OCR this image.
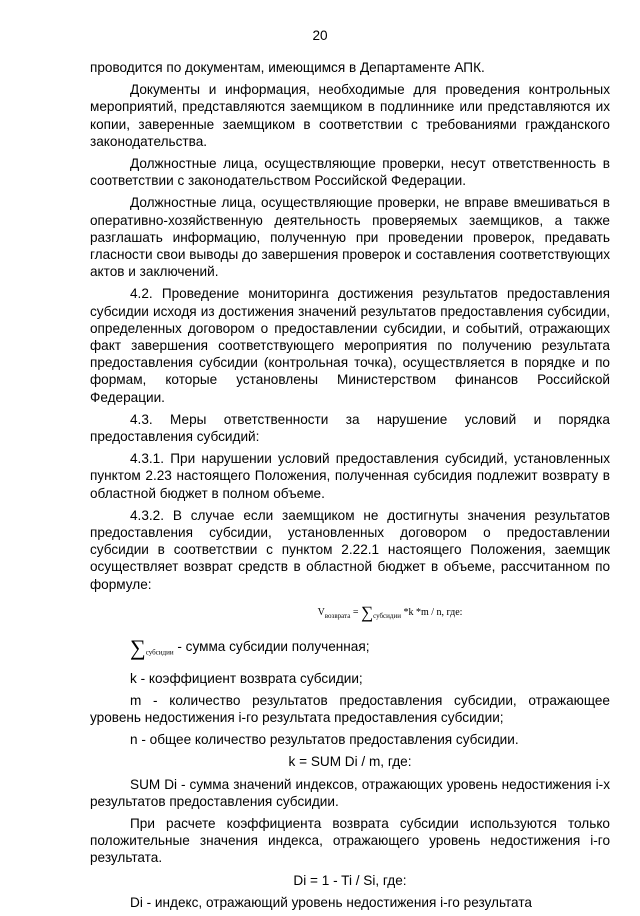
20

проводится по документам, имеющимся в Департаменте АПК.

Документы и информация, необходимые для проведения контрольных мероприятий, представляются заемщиком в подлиннике или представляются их копии, заверенные заемщиком в соответствии с требованиями гражданского законодательства.

Должностные лица, осуществляющие проверки, несут ответственность в соответствии с законодательством Российской Федерации.

Должностные лица, осуществляющие проверки, не вправе вмешиваться в оперативно-хозяйственную деятельность проверяемых заемщиков, а также разглашать информацию, полученную при проведении проверок, предавать гласности свои выводы до завершения проверок и составления соответствующих актов и заключений.

4.2. Проведение мониторинга достижения результатов предоставления субсидии исходя из достижения значений результатов предоставления субсидии, определенных договором о предоставлении субсидии, и событий, отражающих факт завершения соответствующего мероприятия по получению результата предоставления субсидии (контрольная точка), осуществляется в порядке и по формам, которые установлены Министерством финансов Российской Федерации.

4.3. Меры ответственности за нарушение условий и порядка предоставления субсидий:

4.3.1. При нарушении условий предоставления субсидий, установленных пунктом 2.23 настоящего Положения, полученная субсидия подлежит возврату в областной бюджет в полном объеме.

4.3.2. В случае если заемщиком не достигнуты значения результатов предоставления субсидии, установленных договором о предоставлении субсидии в соответствии с пунктом 2.22.1 настоящего Положения, заемщик осуществляет возврат средств в областной бюджет в объеме, рассчитанном по формуле:

$V_{возврата} = \sum_{субсидии}$ *k *m / n, где:
$\sum_{субсидии}$ - сумма субсидии полученная;

k - коэффициент возврата субсидии;

m - количество результатов предоставления субсидии, отражающее уровень недостижения i-го результата предоставления субсидии;

n - общее количество результатов предоставления субсидии.

k = SUM Di / m, где:

SUM Di - сумма значений индексов, отражающих уровень недостижения i-х результатов предоставления субсидии.

При расчете коэффициента возврата субсидии используются только положительные значения индекса, отражающего уровень недостижения i-го результата.

Di = 1 - Ti / Si, где:

Di - индекс, отражающий уровень недостижения i-го результата
